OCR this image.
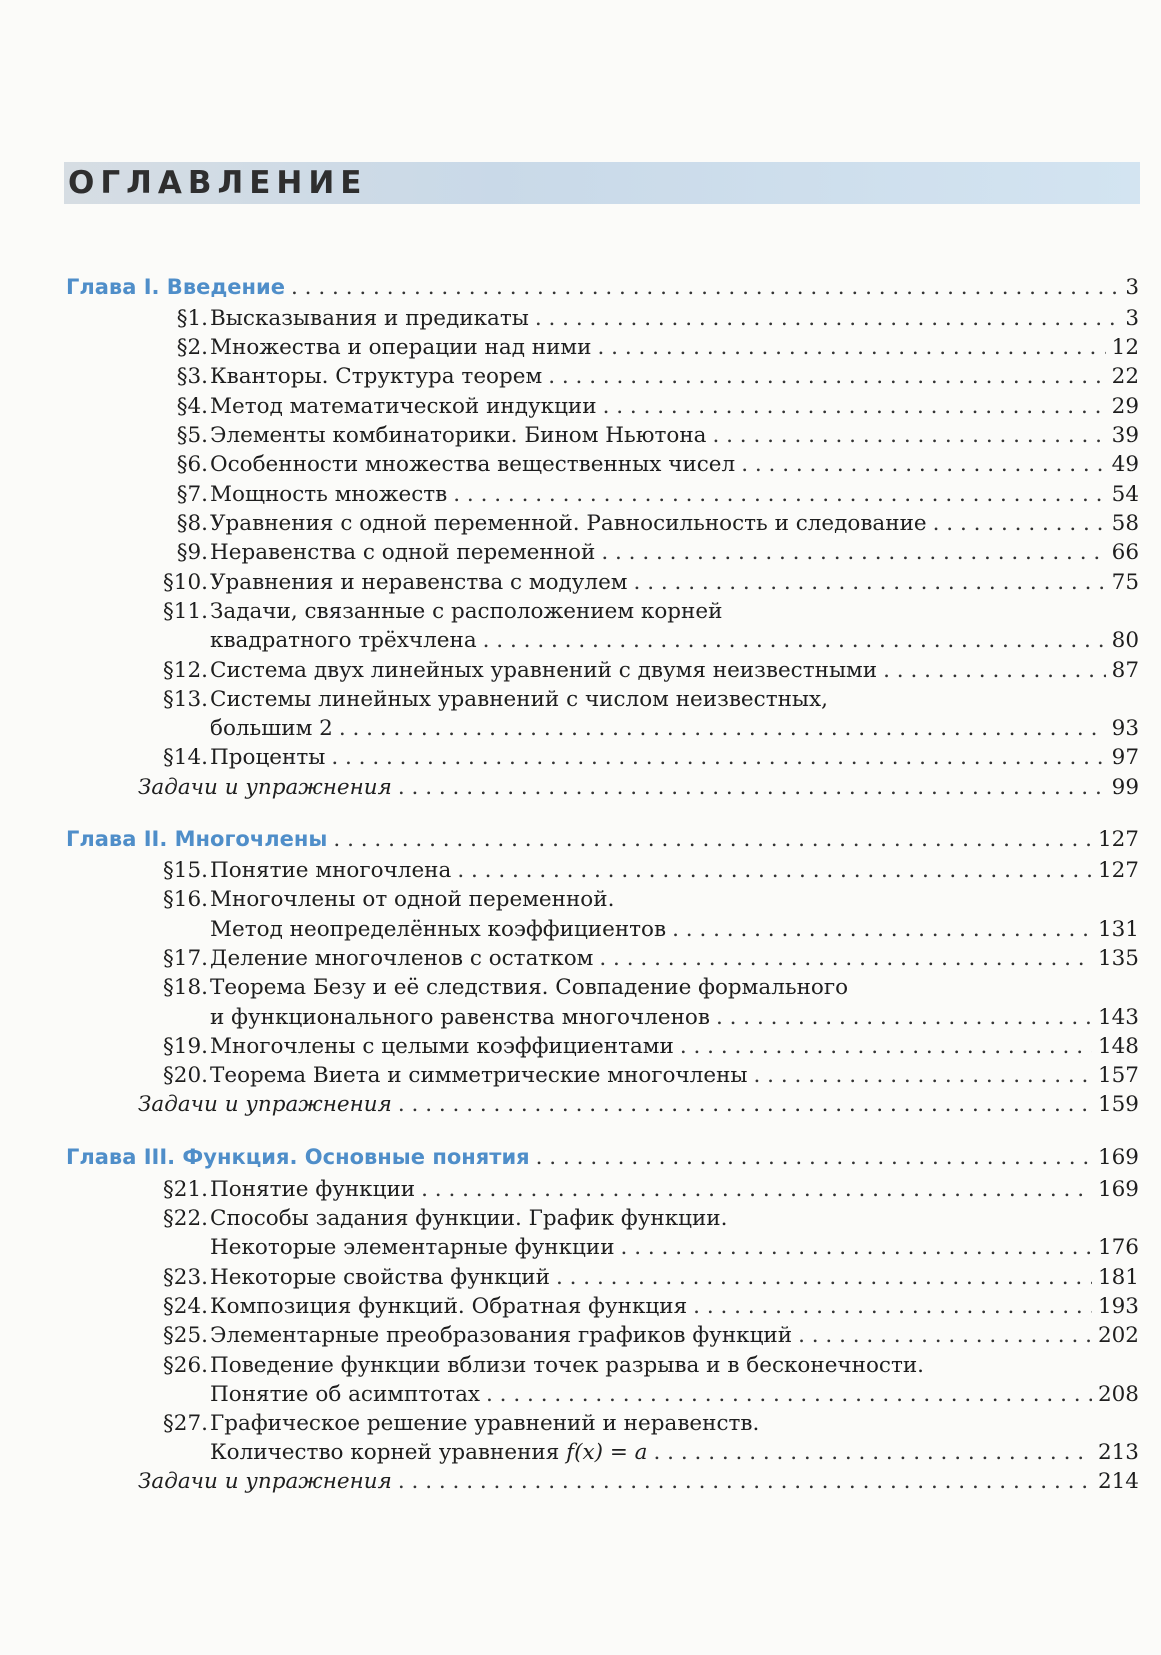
ОГЛАВЛЕНИЕ
Глава I. Введение . . .	3
§1. Высказывания и предикаты . . .	3
§2. Множества и операции над ними . . .	12
§3. Кванторы. Структура теорем . . .	22
§4. Метод математической индукции . . .	29
§5. Элементы комбинаторики. Бином Ньютона . . .	39
§6. Особенности множества вещественных чисел . . .	49
§7. Мощность множеств . . .	54
§8. Уравнения с одной переменной. Равносильность и следование . . .	58
§9. Неравенства с одной переменной . . .	66
§10. Уравнения и неравенства с модулем . . .	75
§11. Задачи, связанные с расположением корней
квадратного трёхчлена . . .	80
§12. Система двух линейных уравнений с двумя неизвестными . . .	87
§13. Системы линейных уравнений с числом неизвестных,
большим 2 . . .	93
§14. Проценты . . .	97
Задачи и упражнения . . .	99
Глава II. Многочлены . . .	127
§15. Понятие многочлена . . .	127
§16. Многочлены от одной переменной.
Метод неопределённых коэффициентов . . .	131
§17. Деление многочленов с остатком . . .	135
§18. Теорема Безу и её следствия. Совпадение формального
и функционального равенства многочленов . . .	143
§19. Многочлены с целыми коэффициентами . . .	148
§20. Теорема Виета и симметрические многочлены . . .	157
Задачи и упражнения . . .	159
Глава III. Функция. Основные понятия . . .	169
§21. Понятие функции . . .	169
§22. Способы задания функции. График функции.
Некоторые элементарные функции . . .	176
§23. Некоторые свойства функций . . .	181
§24. Композиция функций. Обратная функция . . .	193
§25. Элементарные преобразования графиков функций . . .	202
§26. Поведение функции вблизи точек разрыва и в бесконечности.
Понятие об асимптотах . . .	208
§27. Графическое решение уравнений и неравенств.
Количество корней уравнения f(x) = a . . .	213
Задачи и упражнения . . .	214
